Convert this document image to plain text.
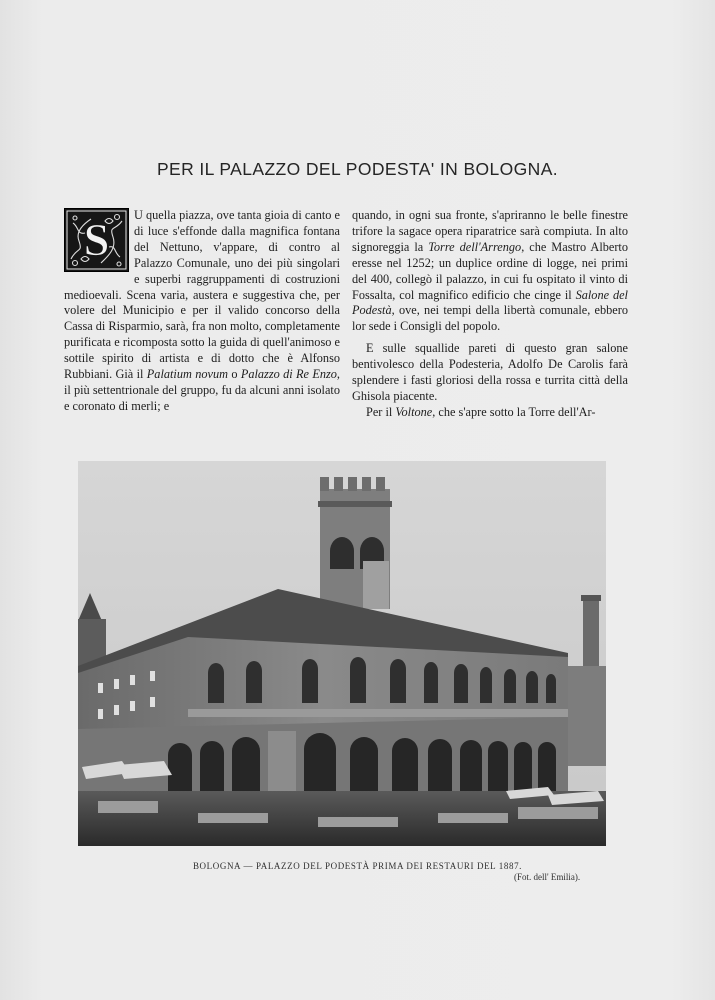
PER IL PALAZZO DEL PODESTA' IN BOLOGNA.

S U quella piazza, ove tanta gioia di canto e di luce s'effonde dalla magnifica fontana del Nettuno, v'appare, di contro al Palazzo Comunale, uno dei più singolari e superbi raggruppamenti di costruzioni medioevali. Scena varia, austera e suggestiva che, per volere del Municipio e per il valido concorso della Cassa di Risparmio, sarà, fra non molto, completamente purificata e ricomposta sotto la guida di quell'animoso e sottile spirito di artista e di dotto che è Alfonso Rubbiani. Già il Palatium novum o Palazzo di Re Enzo, il più settentrionale del gruppo, fu da alcuni anni isolato e coronato di merli; e

quando, in ogni sua fronte, s'apriranno le belle finestre trifore la sagace opera riparatrice sarà compiuta. In alto signoreggia la Torre dell'Arrengo, che Mastro Alberto eresse nel 1252; un duplice ordine di logge, nei primi del 400, collegò il palazzo, in cui fu ospitato il vinto di Fossalta, col magnifico edificio che cinge il Salone del Podestà, ove, nei tempi della libertà comunale, ebbero lor sede i Consigli del popolo.

E sulle squallide pareti di questo gran salone bentivolesco della Podesteria, Adolfo De Carolis farà splendere i fasti gloriosi della rossa e turrita città della Ghisola piacente.

Per il Voltone, che s'apre sotto la Torre dell'Ar-

BOLOGNA — PALAZZO DEL PODESTÀ PRIMA DEI RESTAURI DEL 1887.
(Fot. dell' Emilia).
